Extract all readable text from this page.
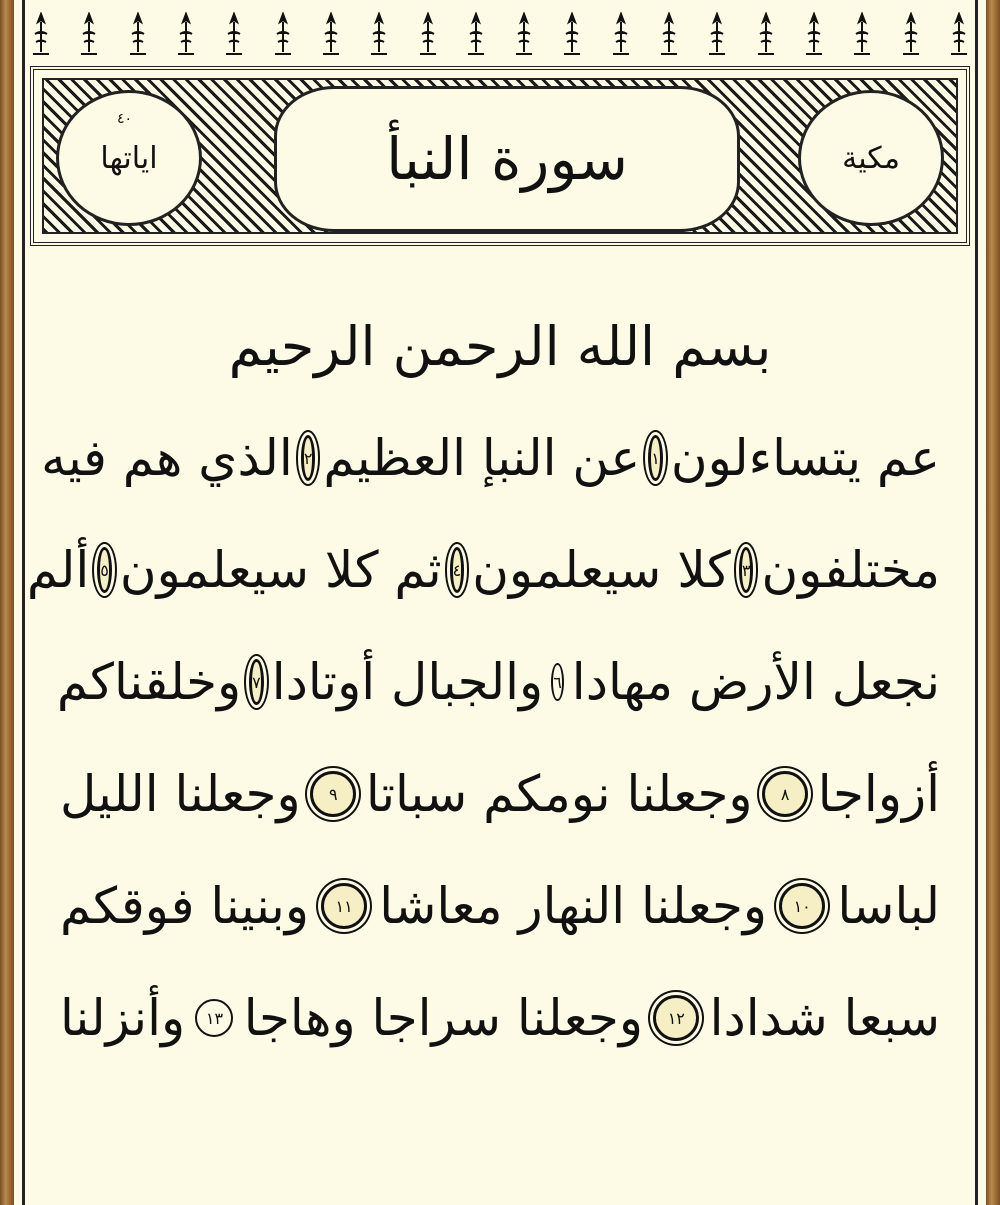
٤٠
اياتها	سورة النبأ	مكية
بسم الله الرحمن الرحيم
عم يتساءلون
١
عن النبإ العظيم
٢
الذي هم فيه
مختلفون
٣
كلا سيعلمون
٤
ثم كلا سيعلمون
٥
ألم
نجعل الأرض مهادا
٦
والجبال أوتادا
٧
وخلقناكم
أزواجا
٨
وجعلنا نومكم سباتا
٩
وجعلنا الليل
لباسا
١٠
وجعلنا النهار معاشا
١١
وبنينا فوقكم
سبعا شدادا
١٢
وجعلنا سراجا وهاجا
١٣
وأنزلنا
